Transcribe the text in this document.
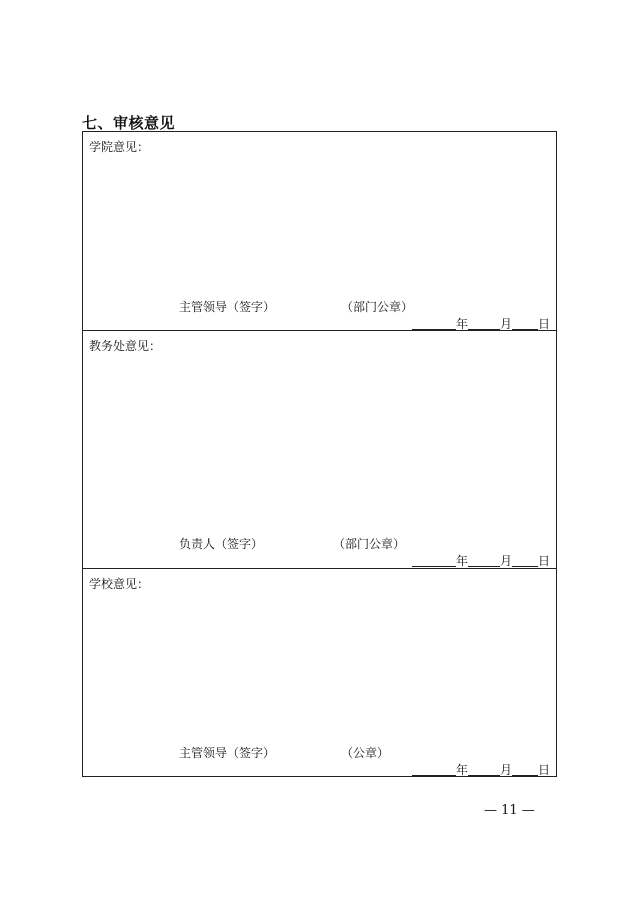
七、审核意见
学院意见：
主管领导（签字）	（部门公章）
年	月 日
教务处意见：
负责人（签字）	（部门公章）
年	月 日
学校意见：
主管领导（签字）	（公章）
年	月 日
— 11 —
